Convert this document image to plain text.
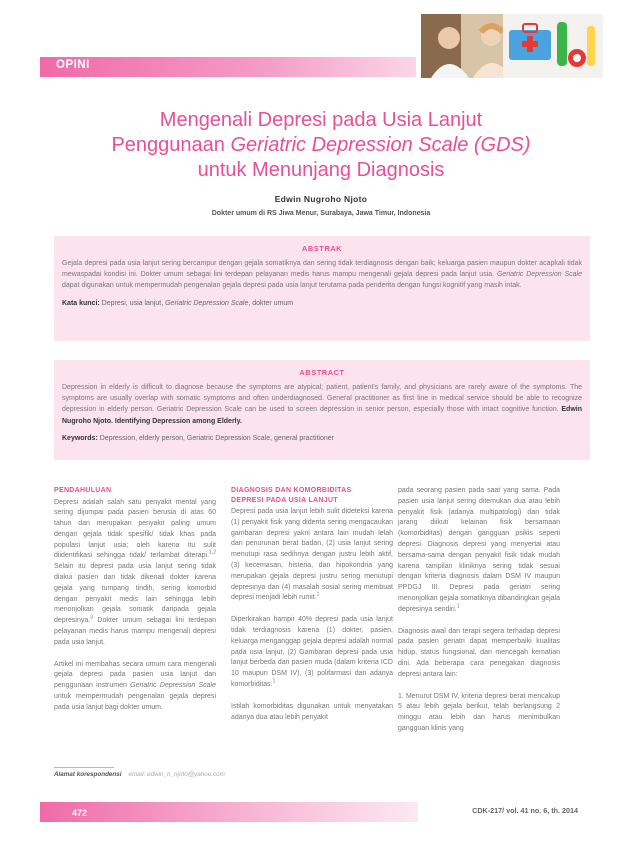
OPINI
Mengenali Depresi pada Usia Lanjut
Penggunaan Geriatric Depression Scale (GDS)
untuk Menunjang Diagnosis
Edwin Nugroho Njoto
Dokter umum di RS Jiwa Menur, Surabaya, Jawa Timur, Indonesia
ABSTRAK
Gejala depresi pada usia lanjut sering bercampur dengan gejala somatiknya dan sering tidak terdiagnosis dengan baik; keluarga pasien maupun dokter acapkali tidak mewaspadai kondisi ini. Dokter umum sebagai lini terdepan pelayanan medis harus mampu mengenali gejala depresi pada lanjut usia. Geriatric Depression Scale dapat digunakan untuk mempermudah pengenalan gejala depresi pada usia lanjut terutama pada penderita dengan fungsi kognitif yang masih intak.
Kata kunci: Depresi, usia lanjut, Geriatric Depression Scale, dokter umum
ABSTRACT
Depression in elderly is difficult to diagnose because the symptoms are atypical; patient, patient's family, and physicians are rarely aware of the symptoms. The symptoms are usually overlap with somatic symptoms and often underdiagnosed. General practitioner as first line in medical service should be able to recognize depression in elderly person. Geriatric Depression Scale can be used to screen depression in senior person, especially those with intact cognitive function. Edwin Nugroho Njoto. Identifying Depression among Elderly.
Keywords: Depression, elderly person, Geriatric Depression Scale, general practitioner
PENDAHULUAN

Depresi adalah salah satu penyakit mental yang sering dijumpai pada pasien berusia di atas 60 tahun dan merupakan penyakit paling umum dengan gejala tidak spesifik/ tidak khas pada populasi lanjut usia; oleh karena itu sulit diidentifikasi sehingga tidak/ terlambat diterapi.$^{1,2}$ Selain itu depresi pada usia lanjut sering tidak diakui pasien dan tidak dikenali dokter karena gejala yang tumpang tindih, sering komorbid dengan penyakit medis lain sehingga lebih menonjolkan gejala somatik daripada gejala depresinya.$^3$ Dokter umum sebagai lini terdepan pelayanan medis harus mampu mengenali depresi pada usia lanjut.

Artikel ini membahas secara umum cara mengenali gejala depresi pada pasien usia lanjut dan penggunaan instrumen Geriatric Depression Scale untuk mempermudah pengenalan gejala depresi pada usia lanjut bagi dokter umum.

DIAGNOSIS DAN KOMORBIDITAS
DEPRESI PADA USIA LANJUT

Depresi pada usia lanjut lebih sulit dideteksi karena (1) penyakit fisik yang diderita sering mengacaukan gambaran depresi yakni antara lain mudah lelah dan penurunan berat badan, (2) usia lanjut sering menutupi rasa sedihnya dengan justru lebih aktif, (3) kecemasan, histeria, dan hipokondria yang merupakan gejala depresi justru sering menutupi depresinya dan (4) masalah sosial sering membuat depresi menjadi lebih rumit.$^1$

Diperkirakan hampir 40% depresi pada usia lanjut tidak terdiagnosis karena (1) dokter, pasien, keluarga menganggap gejala depresi adalah normal pada usia lanjut, (2) Gambaran depresi pada usia lanjut berbeda dari pasien muda (dalam kriteria ICD 10 maupun DSM IV), (3) polifarmasi dan adanya komorbiditas.$^1$

Istilah komorbiditas digunakan untuk menyatakan adanya dua atau lebih penyakit

pada seorang pasien pada saat yang sama. Pada pasien usia lanjut sering ditemukan dua atau lebih penyakit fisik (adanya multipatologi) dan tidak jarang diikuti kelainan fisik bersamaan (komorbiditas) dengan gangguan psikis seperti depresi. Diagnosis depresi yang menyertai atau bersama-sama dengan penyakit fisik tidak mudah karena tampilan kliniknya sering tidak sesuai dengan kriteria diagnosis dalam DSM IV maupun PPDGJ III. Depresi pada geriatri sering menonjolkan gejala somatiknya dibandingkan gejala depresinya sendiri.$^1$

Diagnosis awal dan terapi segera terhadap depresi pada pasien geriatri dapat memperbaiki kualitas hidup, status fungsional, dan mencegah kematian dini. Ada beberapa cara penegakan diagnosis depresi antara lain:

1. Menurut DSM IV, kriteria depresi berat mencakup 5 atau lebih gejala berikut, telah berlangsung 2 minggu atau lebih dan harus menimbulkan gangguan klinis yang

Alamat korespondensi email: edwin_n_njoto@yahoo.com
472	CDK-217/ vol. 41 no. 6, th. 2014
